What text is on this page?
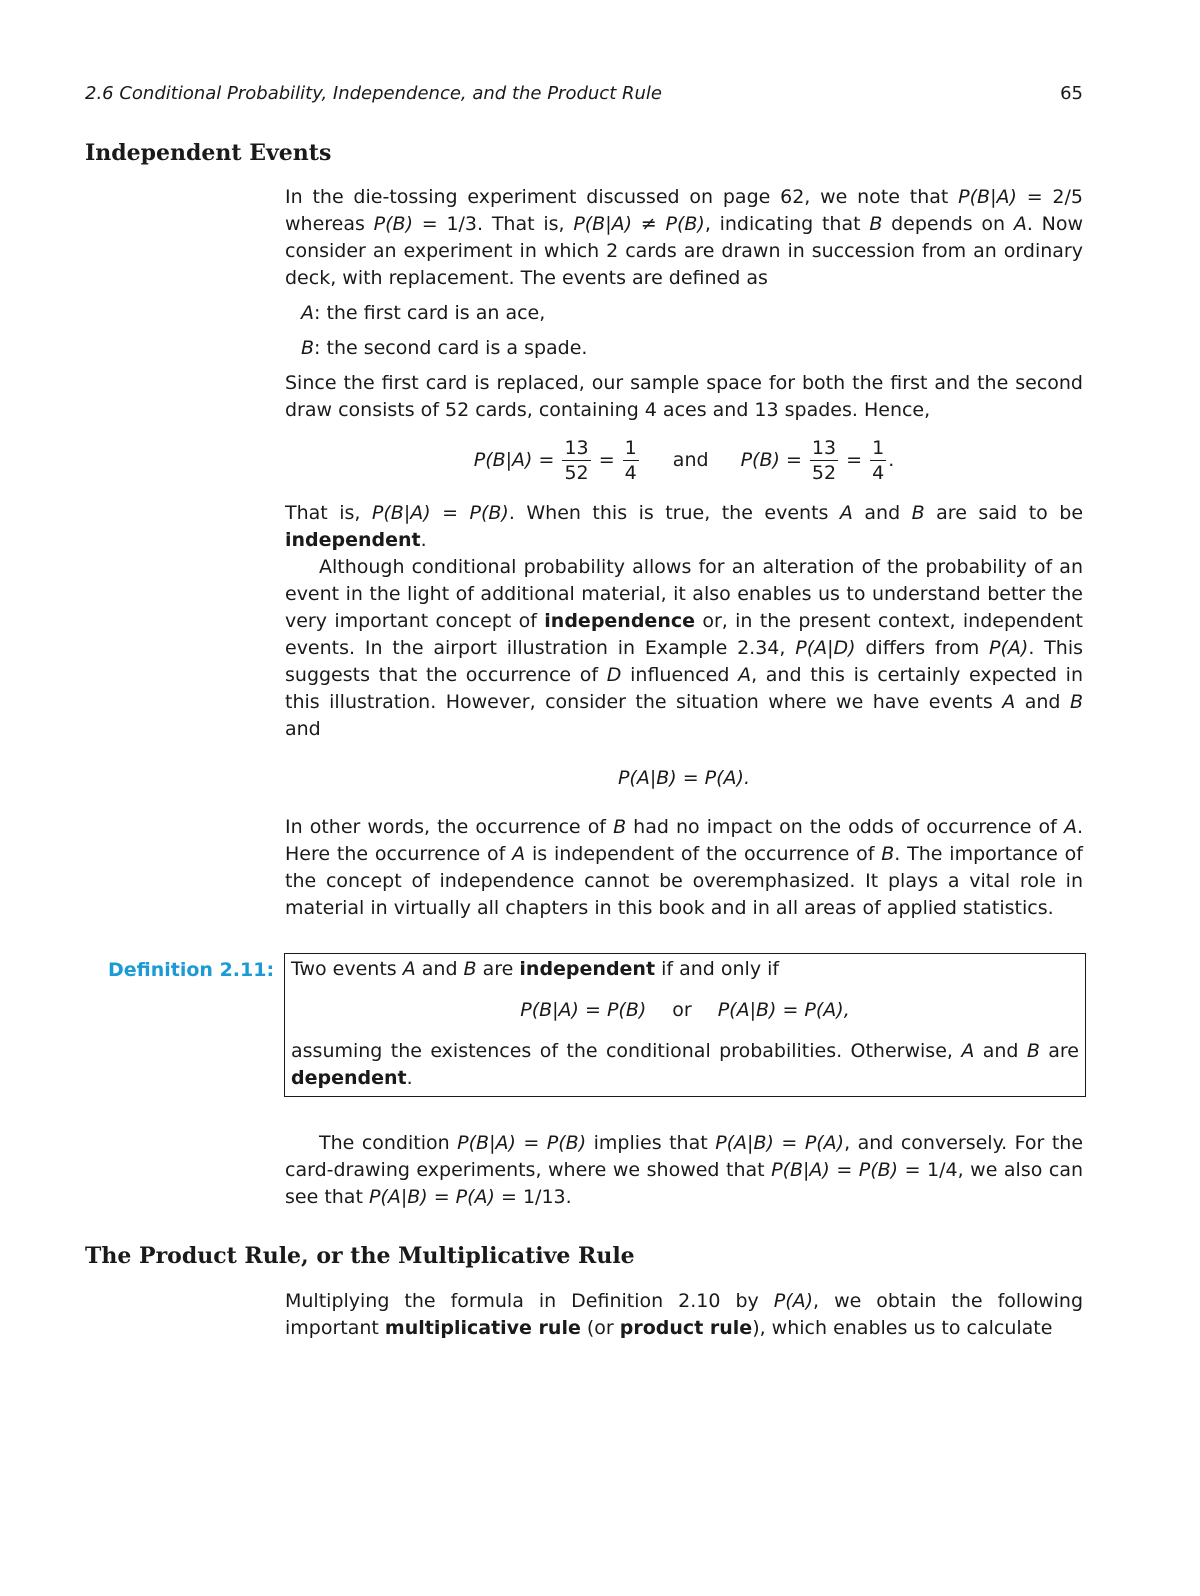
2.6 Conditional Probability, Independence, and the Product Rule	65
Independent Events

In the die-tossing experiment discussed on page 62, we note that P(B|A) = 2/5 whereas P(B) = 1/3. That is, P(B|A) ≠ P(B), indicating that B depends on A. Now consider an experiment in which 2 cards are drawn in succession from an ordinary deck, with replacement. The events are defined as

A: the first card is an ace,

B: the second card is a spade.

Since the first card is replaced, our sample space for both the first and the second draw consists of 52 cards, containing 4 aces and 13 spades. Hence,

$P(B|A) = \frac{13}{52} = \frac{1}{4}$ and $P(B) = \frac{13}{52} = \frac{1}{4}$ .

That is, P(B|A) = P(B). When this is true, the events A and B are said to be independent.

Although conditional probability allows for an alteration of the probability of an event in the light of additional material, it also enables us to understand better the very important concept of independence or, in the present context, independent events. In the airport illustration in Example 2.34, P(A|D) differs from P(A). This suggests that the occurrence of D influenced A, and this is certainly expected in this illustration. However, consider the situation where we have events A and B and

P(A|B) = P(A).

In other words, the occurrence of B had no impact on the odds of occurrence of A. Here the occurrence of A is independent of the occurrence of B. The importance of the concept of independence cannot be overemphasized. It plays a vital role in material in virtually all chapters in this book and in all areas of applied statistics.

Definition 2.11: Two events A and B are independent if and only if

P(B|A) = P(B) or P(A|B) = P(A),

assuming the existences of the conditional probabilities. Otherwise, A and B are dependent.

The condition P(B|A) = P(B) implies that P(A|B) = P(A), and conversely. For the card-drawing experiments, where we showed that P(B|A) = P(B) = 1/4, we also can see that P(A|B) = P(A) = 1/13.

The Product Rule, or the Multiplicative Rule

Multiplying the formula in Definition 2.10 by P(A), we obtain the following important multiplicative rule (or product rule), which enables us to calculate
